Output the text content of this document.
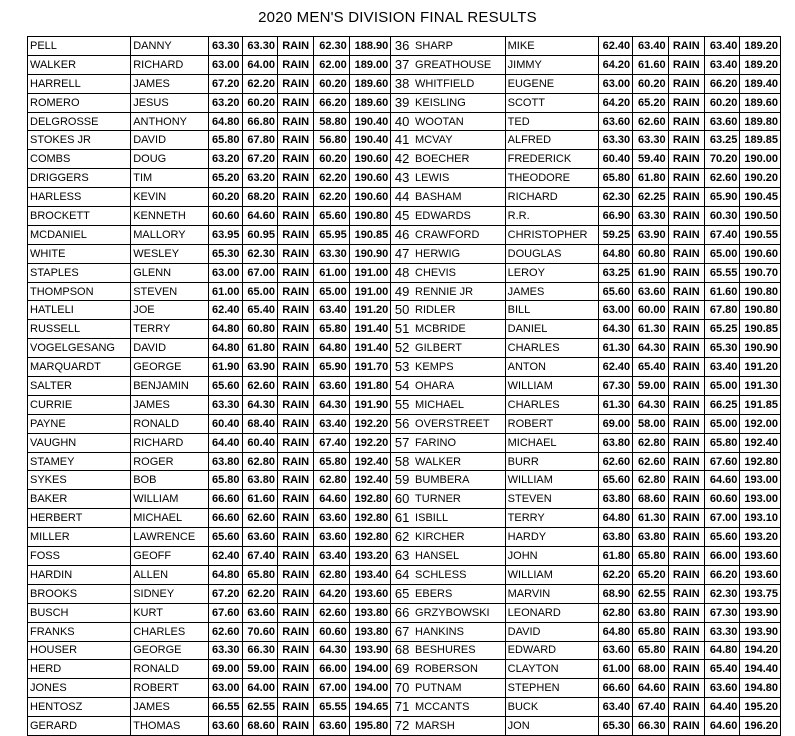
2020 MEN'S DIVISION FINAL RESULTS
PELL	DANNY	63.30	63.30	RAIN	62.30	188.90	36	SHARP	MIKE	62.40	63.40	RAIN	63.40	189.20
WALKER	RICHARD	63.00	64.00	RAIN	62.00	189.00	37	GREATHOUSE	JIMMY	64.20	61.60	RAIN	63.40	189.20
HARRELL	JAMES	67.20	62.20	RAIN	60.20	189.60	38	WHITFIELD	EUGENE	63.00	60.20	RAIN	66.20	189.40
ROMERO	JESUS	63.20	60.20	RAIN	66.20	189.60	39	KEISLING	SCOTT	64.20	65.20	RAIN	60.20	189.60
DELGROSSE	ANTHONY	64.80	66.80	RAIN	58.80	190.40	40	WOOTAN	TED	63.60	62.60	RAIN	63.60	189.80
STOKES JR	DAVID	65.80	67.80	RAIN	56.80	190.40	41	MCVAY	ALFRED	63.30	63.30	RAIN	63.25	189.85
COMBS	DOUG	63.20	67.20	RAIN	60.20	190.60	42	BOECHER	FREDERICK	60.40	59.40	RAIN	70.20	190.00
DRIGGERS	TIM	65.20	63.20	RAIN	62.20	190.60	43	LEWIS	THEODORE	65.80	61.80	RAIN	62.60	190.20
HARLESS	KEVIN	60.20	68.20	RAIN	62.20	190.60	44	BASHAM	RICHARD	62.30	62.25	RAIN	65.90	190.45
BROCKETT	KENNETH	60.60	64.60	RAIN	65.60	190.80	45	EDWARDS	R.R.	66.90	63.30	RAIN	60.30	190.50
MCDANIEL	MALLORY	63.95	60.95	RAIN	65.95	190.85	46	CRAWFORD	CHRISTOPHER	59.25	63.90	RAIN	67.40	190.55
WHITE	WESLEY	65.30	62.30	RAIN	63.30	190.90	47	HERWIG	DOUGLAS	64.80	60.80	RAIN	65.00	190.60
STAPLES	GLENN	63.00	67.00	RAIN	61.00	191.00	48	CHEVIS	LEROY	63.25	61.90	RAIN	65.55	190.70
THOMPSON	STEVEN	61.00	65.00	RAIN	65.00	191.00	49	RENNIE JR	JAMES	65.60	63.60	RAIN	61.60	190.80
HATLELI	JOE	62.40	65.40	RAIN	63.40	191.20	50	RIDLER	BILL	63.00	60.00	RAIN	67.80	190.80
RUSSELL	TERRY	64.80	60.80	RAIN	65.80	191.40	51	MCBRIDE	DANIEL	64.30	61.30	RAIN	65.25	190.85
VOGELGESANG	DAVID	64.80	61.80	RAIN	64.80	191.40	52	GILBERT	CHARLES	61.30	64.30	RAIN	65.30	190.90
MARQUARDT	GEORGE	61.90	63.90	RAIN	65.90	191.70	53	KEMPS	ANTON	62.40	65.40	RAIN	63.40	191.20
SALTER	BENJAMIN	65.60	62.60	RAIN	63.60	191.80	54	OHARA	WILLIAM	67.30	59.00	RAIN	65.00	191.30
CURRIE	JAMES	63.30	64.30	RAIN	64.30	191.90	55	MICHAEL	CHARLES	61.30	64.30	RAIN	66.25	191.85
PAYNE	RONALD	60.40	68.40	RAIN	63.40	192.20	56	OVERSTREET	ROBERT	69.00	58.00	RAIN	65.00	192.00
VAUGHN	RICHARD	64.40	60.40	RAIN	67.40	192.20	57	FARINO	MICHAEL	63.80	62.80	RAIN	65.80	192.40
STAMEY	ROGER	63.80	62.80	RAIN	65.80	192.40	58	WALKER	BURR	62.60	62.60	RAIN	67.60	192.80
SYKES	BOB	65.80	63.80	RAIN	62.80	192.40	59	BUMBERA	WILLIAM	65.60	62.80	RAIN	64.60	193.00
BAKER	WILLIAM	66.60	61.60	RAIN	64.60	192.80	60	TURNER	STEVEN	63.80	68.60	RAIN	60.60	193.00
HERBERT	MICHAEL	66.60	62.60	RAIN	63.60	192.80	61	ISBILL	TERRY	64.80	61.30	RAIN	67.00	193.10
MILLER	LAWRENCE	65.60	63.60	RAIN	63.60	192.80	62	KIRCHER	HARDY	63.80	63.80	RAIN	65.60	193.20
FOSS	GEOFF	62.40	67.40	RAIN	63.40	193.20	63	HANSEL	JOHN	61.80	65.80	RAIN	66.00	193.60
HARDIN	ALLEN	64.80	65.80	RAIN	62.80	193.40	64	SCHLESS	WILLIAM	62.20	65.20	RAIN	66.20	193.60
BROOKS	SIDNEY	67.20	62.20	RAIN	64.20	193.60	65	EBERS	MARVIN	68.90	62.55	RAIN	62.30	193.75
BUSCH	KURT	67.60	63.60	RAIN	62.60	193.80	66	GRZYBOWSKI	LEONARD	62.80	63.80	RAIN	67.30	193.90
FRANKS	CHARLES	62.60	70.60	RAIN	60.60	193.80	67	HANKINS	DAVID	64.80	65.80	RAIN	63.30	193.90
HOUSER	GEORGE	63.30	66.30	RAIN	64.30	193.90	68	BESHURES	EDWARD	63.60	65.80	RAIN	64.80	194.20
HERD	RONALD	69.00	59.00	RAIN	66.00	194.00	69	ROBERSON	CLAYTON	61.00	68.00	RAIN	65.40	194.40
JONES	ROBERT	63.00	64.00	RAIN	67.00	194.00	70	PUTNAM	STEPHEN	66.60	64.60	RAIN	63.60	194.80
HENTOSZ	JAMES	66.55	62.55	RAIN	65.55	194.65	71	MCCANTS	BUCK	63.40	67.40	RAIN	64.40	195.20
GERARD	THOMAS	63.60	68.60	RAIN	63.60	195.80	72	MARSH	JON	65.30	66.30	RAIN	64.60	196.20
